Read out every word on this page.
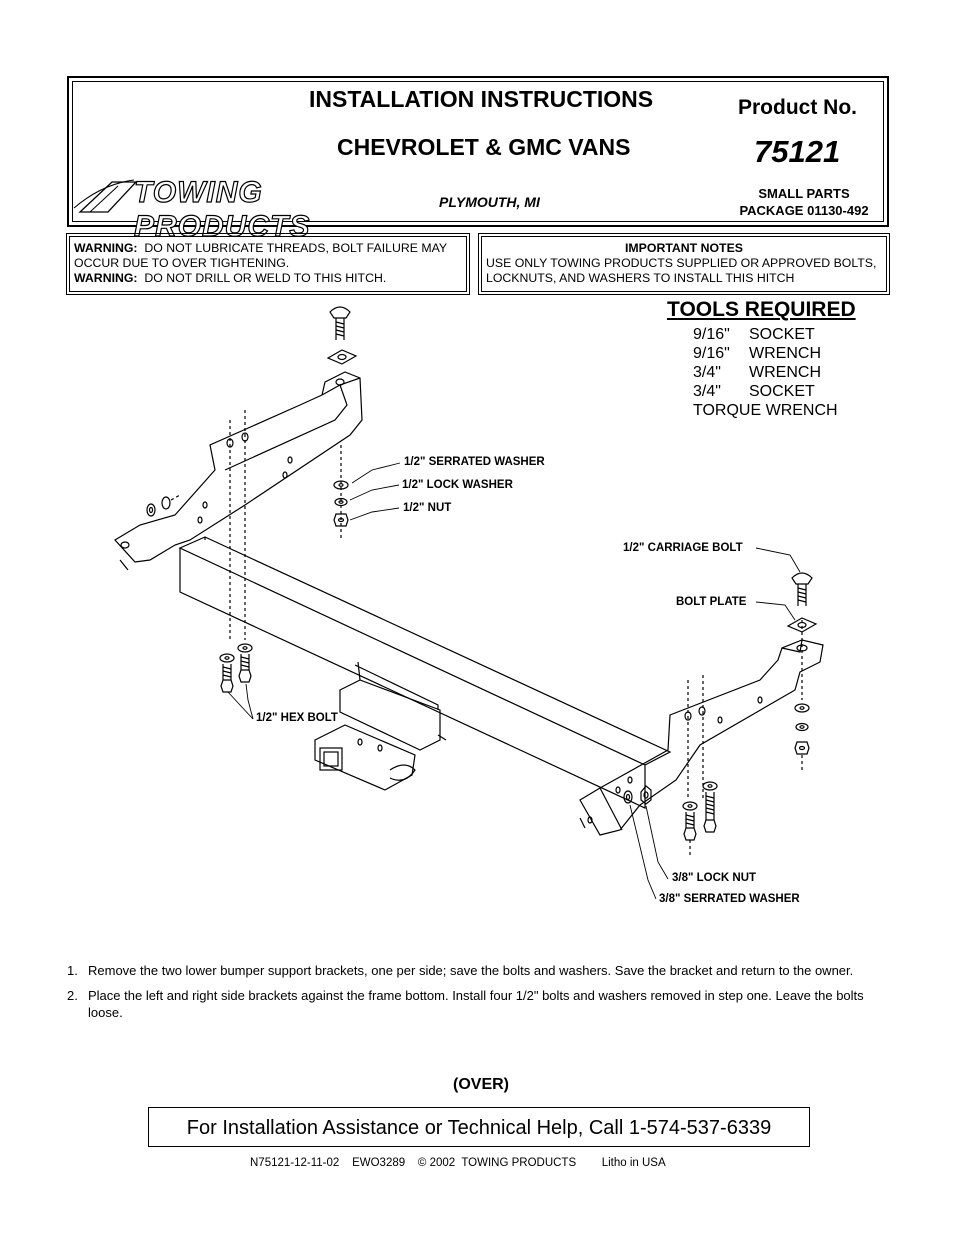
INSTALLATION INSTRUCTIONS
CHEVROLET & GMC VANS
Product No.
75121
TOWING PRODUCTS
PLYMOUTH, MI
SMALL PARTS
PACKAGE 01130-492
WARNING: DO NOT LUBRICATE THREADS, BOLT FAILURE MAY OCCUR DUE TO OVER TIGHTENING.
WARNING: DO NOT DRILL OR WELD TO THIS HITCH.
IMPORTANT NOTES
USE ONLY TOWING PRODUCTS SUPPLIED OR APPROVED BOLTS, LOCKNUTS, AND WASHERS TO INSTALL THIS HITCH
TOOLS REQUIRED
9/16" SOCKET
9/16" WRENCH
3/4" WRENCH
3/4" SOCKET
TORQUE WRENCH
1/2" SERRATED WASHER
1/2" LOCK WASHER
1/2" NUT
1/2" CARRIAGE BOLT
BOLT PLATE
1/2" HEX BOLT
3/8" LOCK NUT
3/8" SERRATED WASHER
1. Remove the two lower bumper support brackets, one per side; save the bolts and washers. Save the bracket and return to the owner.
2. Place the left and right side brackets against the frame bottom. Install four 1/2" bolts and washers removed in step one. Leave the bolts loose.
(OVER)
For Installation Assistance or Technical Help, Call 1-574-537-6339
N75121-12-11-02    EWO3289    © 2002  TOWING PRODUCTS        Litho in USA
